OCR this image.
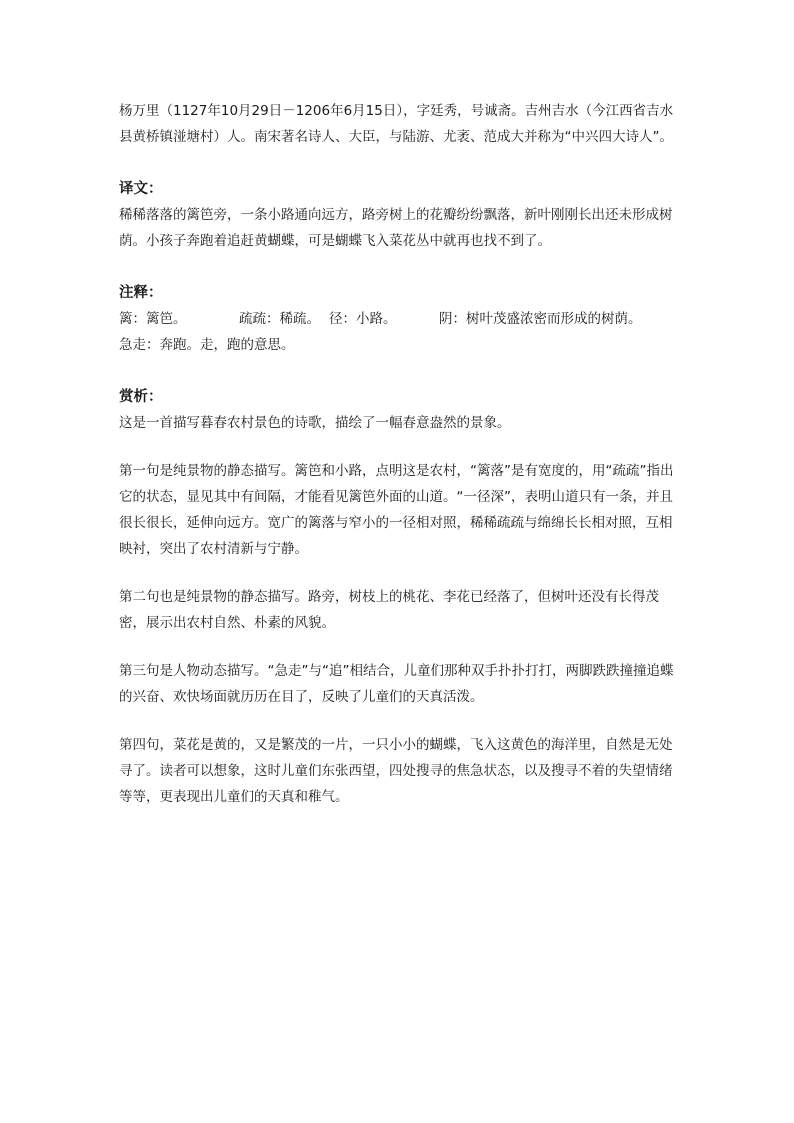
杨万里（1127年10月29日－1206年6月15日），字廷秀，号诚斋。吉州吉水（今江西省吉水县黄桥镇湴塘村）人。南宋著名诗人、大臣，与陆游、尤袤、范成大并称为“中兴四大诗人”。

译文：

稀稀落落的篱笆旁，一条小路通向远方，路旁树上的花瓣纷纷飘落，新叶刚刚长出还未形成树荫。小孩子奔跑着追赶黄蝴蝶，可是蝴蝶飞入菜花丛中就再也找不到了。

注释：

篱：篱笆。	疏疏：稀疏。 径：小路。	阴：树叶茂盛浓密而形成的树荫。

急走：奔跑。走，跑的意思。

赏析：

这是一首描写暮春农村景色的诗歌，描绘了一幅春意盎然的景象。

第一句是纯景物的静态描写。篱笆和小路，点明这是农村，“篱落”是有宽度的，用“疏疏”指出它的状态，显见其中有间隔，才能看见篱笆外面的山道。“一径深”，表明山道只有一条，并且很长很长，延伸向远方。宽广的篱落与窄小的一径相对照，稀稀疏疏与绵绵长长相对照，互相映衬，突出了农村清新与宁静。

第二句也是纯景物的静态描写。路旁，树枝上的桃花、李花已经落了，但树叶还没有长得茂密，展示出农村自然、朴素的风貌。

第三句是人物动态描写。“急走”与“追”相结合，儿童们那种双手扑扑打打，两脚跌跌撞撞追蝶的兴奋、欢快场面就历历在目了，反映了儿童们的天真活泼。

第四句，菜花是黄的，又是繁茂的一片，一只小小的蝴蝶，飞入这黄色的海洋里，自然是无处寻了。读者可以想象，这时儿童们东张西望，四处搜寻的焦急状态，以及搜寻不着的失望情绪等等，更表现出儿童们的天真和稚气。
